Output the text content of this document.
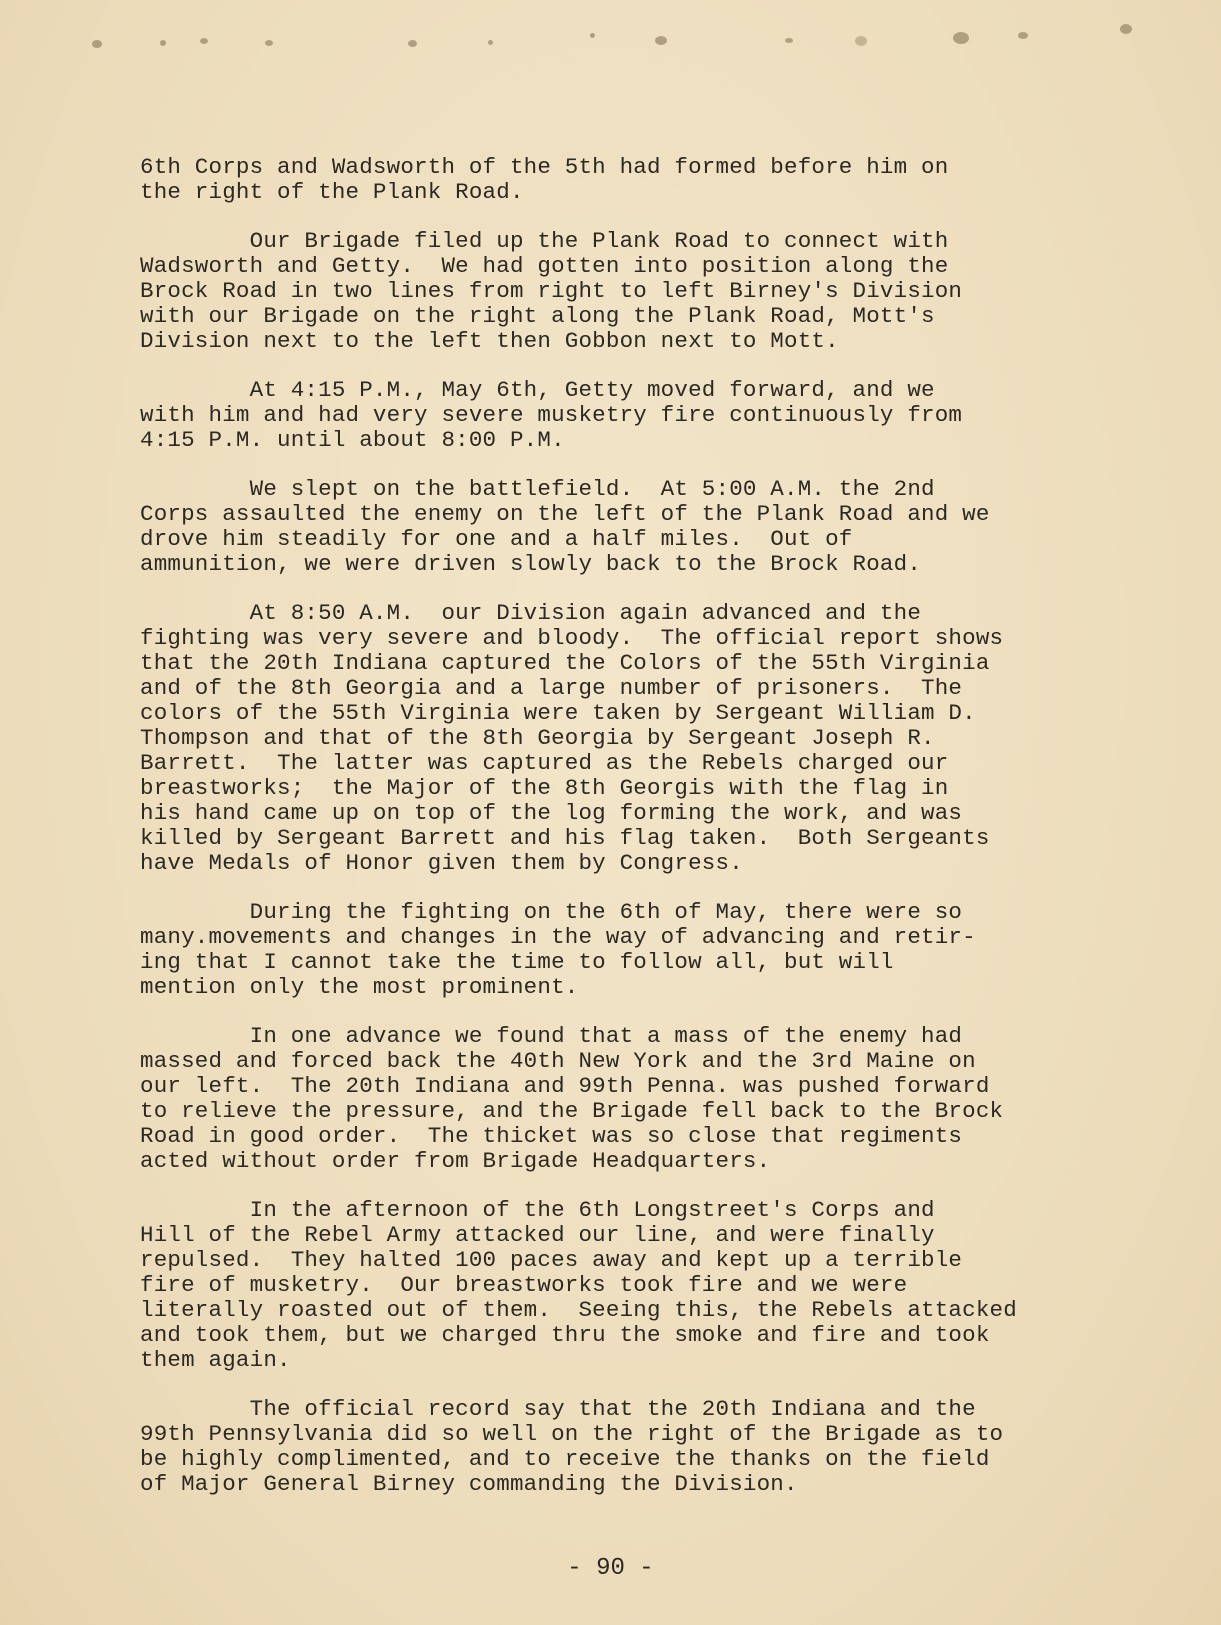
6th Corps and Wadsworth of the 5th had formed before him on
the right of the Plank Road.
Our Brigade filed up the Plank Road to connect with
Wadsworth and Getty.  We had gotten into position along the
Brock Road in two lines from right to left Birney's Division
with our Brigade on the right along the Plank Road, Mott's
Division next to the left then Gobbon next to Mott.
At 4:15 P.M., May 6th, Getty moved forward, and we
with him and had very severe musketry fire continuously from
4:15 P.M. until about 8:00 P.M.
We slept on the battlefield.  At 5:00 A.M. the 2nd
Corps assaulted the enemy on the left of the Plank Road and we
drove him steadily for one and a half miles.  Out of
ammunition, we were driven slowly back to the Brock Road.
At 8:50 A.M.  our Division again advanced and the
fighting was very severe and bloody.  The official report shows
that the 20th Indiana captured the Colors of the 55th Virginia
and of the 8th Georgia and a large number of prisoners.  The
colors of the 55th Virginia were taken by Sergeant William D.
Thompson and that of the 8th Georgia by Sergeant Joseph R.
Barrett.  The latter was captured as the Rebels charged our
breastworks;  the Major of the 8th Georgis with the flag in
his hand came up on top of the log forming the work, and was
killed by Sergeant Barrett and his flag taken.  Both Sergeants
have Medals of Honor given them by Congress.
During the fighting on the 6th of May, there were so
many.movements and changes in the way of advancing and retir-
ing that I cannot take the time to follow all, but will
mention only the most prominent.
In one advance we found that a mass of the enemy had
massed and forced back the 40th New York and the 3rd Maine on
our left.  The 20th Indiana and 99th Penna. was pushed forward
to relieve the pressure, and the Brigade fell back to the Brock
Road in good order.  The thicket was so close that regiments
acted without order from Brigade Headquarters.
In the afternoon of the 6th Longstreet's Corps and
Hill of the Rebel Army attacked our line, and were finally
repulsed.  They halted 100 paces away and kept up a terrible
fire of musketry.  Our breastworks took fire and we were
literally roasted out of them.  Seeing this, the Rebels attacked
and took them, but we charged thru the smoke and fire and took
them again.
The official record say that the 20th Indiana and the
99th Pennsylvania did so well on the right of the Brigade as to
be highly complimented, and to receive the thanks on the field
of Major General Birney commanding the Division.
- 90 -
